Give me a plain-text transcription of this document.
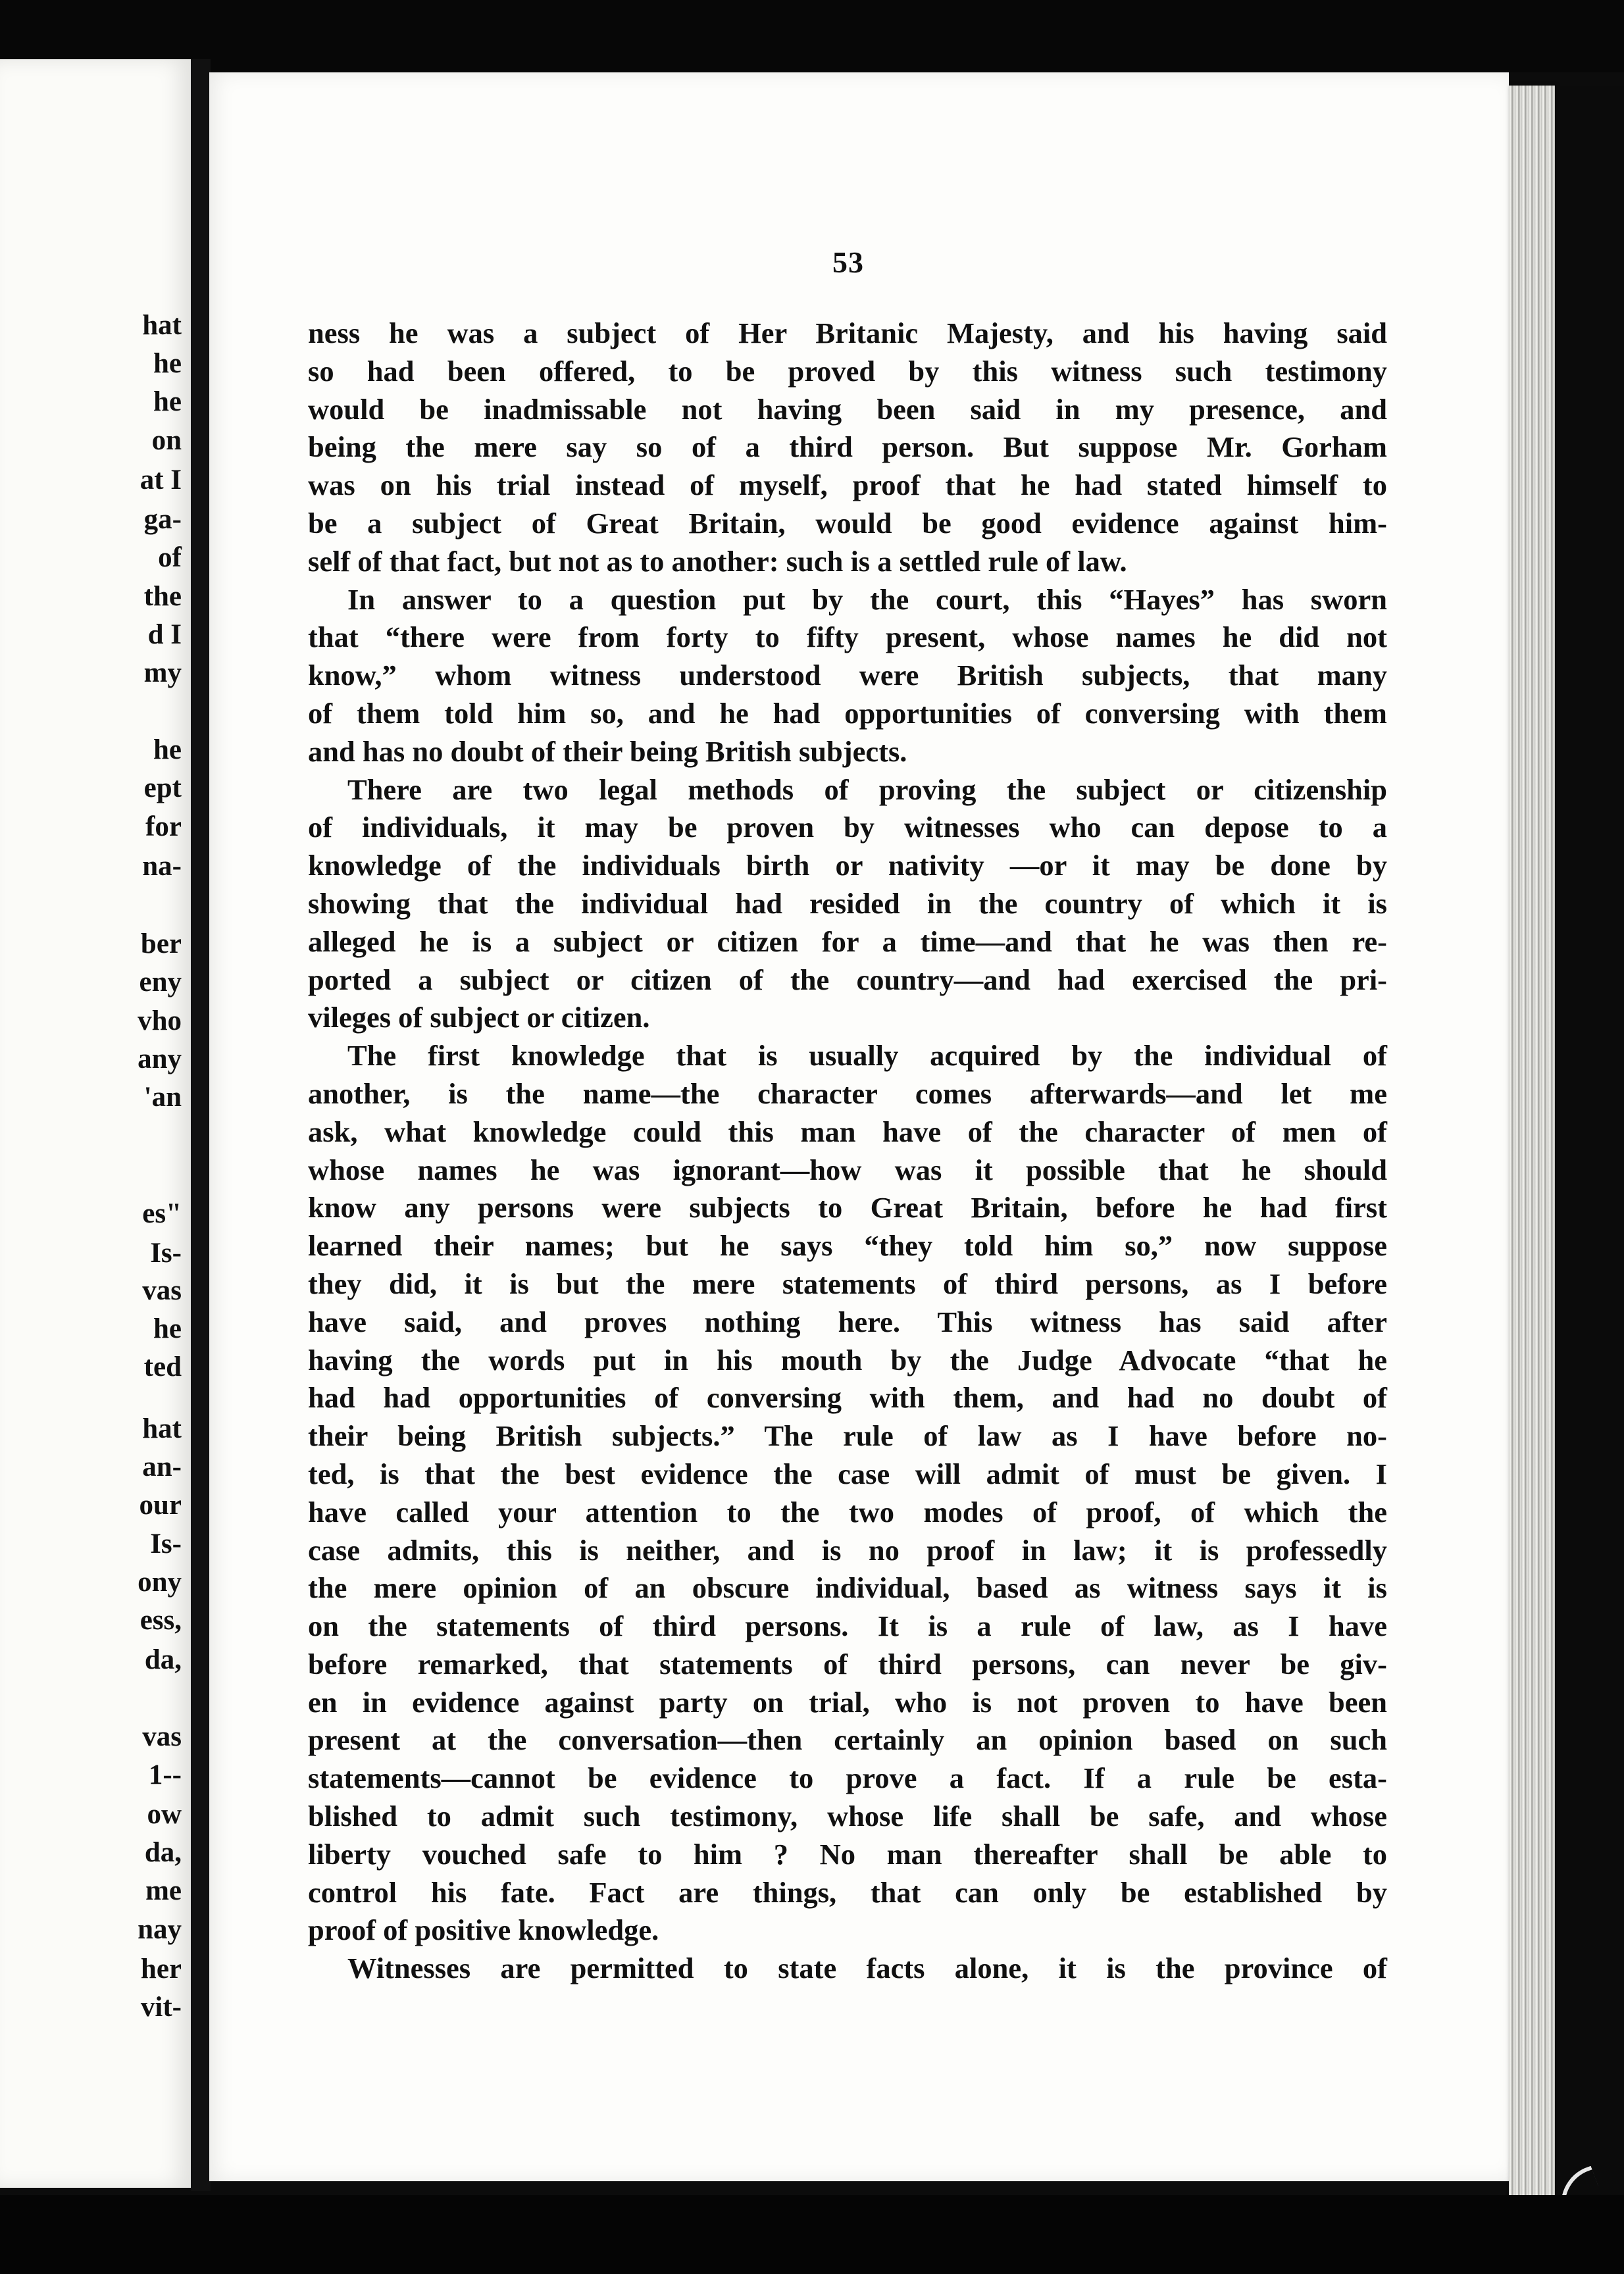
hat
he
he
on
at I
ga-
of
the
d I
my
he
ept
for
na-
ber
eny
vho
any
'an
es"
Is-
vas
he
ted
hat
an-
our
Is-
ony
ess,
da,
vas
1--
ow
da,
me
nay
her
vit-
53
ness he was a subject of Her Britanic Majesty, and his having said
so had been offered, to be proved by this witness such testimony
would be inadmissable not having been said in my presence, and
being the mere say so of a third person. But suppose Mr. Gorham
was on his trial instead of myself, proof that he had stated himself to
be a subject of Great Britain, would be good evidence against him-
self of that fact, but not as to another: such is a settled rule of law.
In answer to a question put by the court, this “Hayes” has sworn
that “there were from forty to fifty present, whose names he did not
know,” whom witness understood were British subjects, that many
of them told him so, and he had opportunities of conversing with them
and has no doubt of their being British subjects.
There are two legal methods of proving the subject or citizenship
of individuals, it may be proven by witnesses who can depose to a
knowledge of the individuals birth or nativity —or it may be done by
showing that the individual had resided in the country of which it is
alleged he is a subject or citizen for a time—and that he was then re-
ported a subject or citizen of the country—and had exercised the pri-
vileges of subject or citizen.
The first knowledge that is usually acquired by the individual of
another, is the name—the character comes afterwards—and let me
ask, what knowledge could this man have of the character of men of
whose names he was ignorant—how was it possible that he should
know any persons were subjects to Great Britain, before he had first
learned their names; but he says “they told him so,” now suppose
they did, it is but the mere statements of third persons, as I before
have said, and proves nothing here. This witness has said after
having the words put in his mouth by the Judge Advocate “that he
had had opportunities of conversing with them, and had no doubt of
their being British subjects.” The rule of law as I have before no-
ted, is that the best evidence the case will admit of must be given. I
have called your attention to the two modes of proof, of which the
case admits, this is neither, and is no proof in law; it is professedly
the mere opinion of an obscure individual, based as witness says it is
on the statements of third persons. It is a rule of law, as I have
before remarked, that statements of third persons, can never be giv-
en in evidence against party on trial, who is not proven to have been
present at the conversation—then certainly an opinion based on such
statements—cannot be evidence to prove a fact. If a rule be esta-
blished to admit such testimony, whose life shall be safe, and whose
liberty vouched safe to him ? No man thereafter shall be able to
control his fate. Fact are things, that can only be established by
proof of positive knowledge.
Witnesses are permitted to state facts alone, it is the province of
